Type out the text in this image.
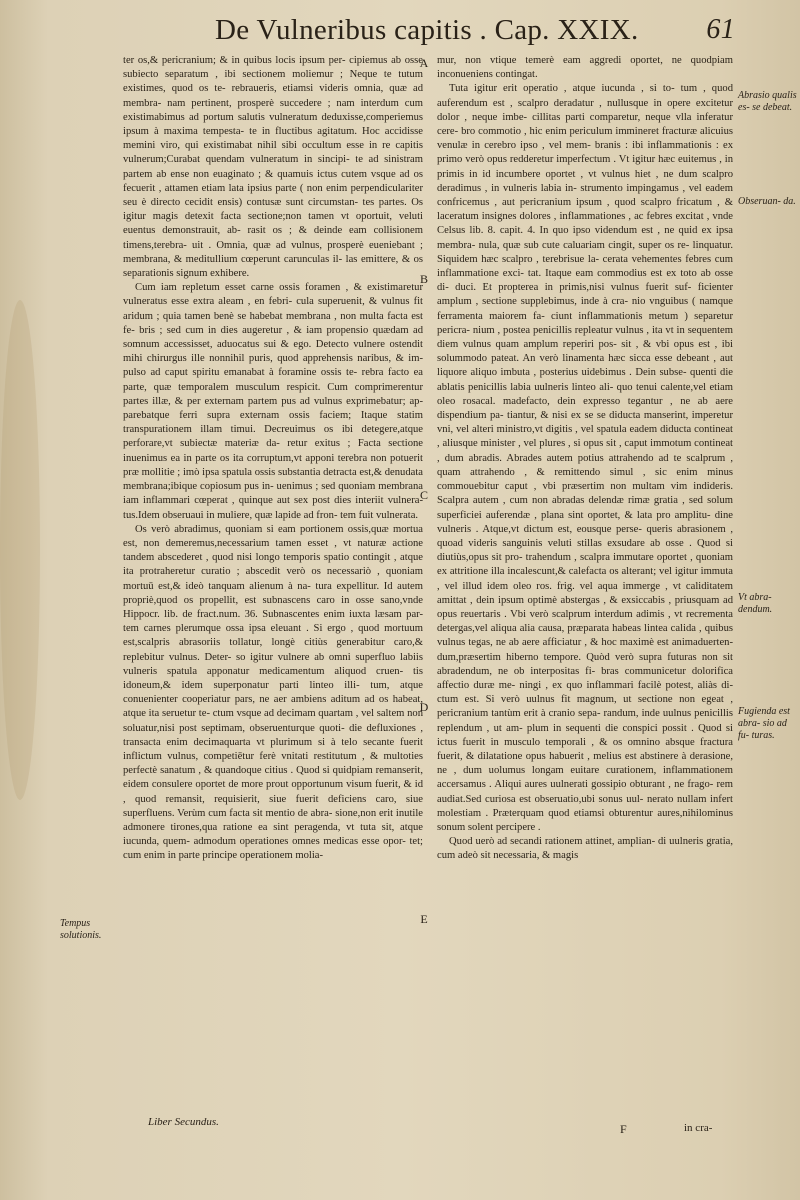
De Vulneribus capitis . Cap. XXIX. 61

ter os,& pericranium; & in quibus locis ipsum per- cipiemus ab osse subiecto separatum , ibi sectionem moliemur ; Neque te tutum existimes, quod os te- rebraueris, etiamsi videris omnia, quæ ad membra- nam pertinent, prosperè succedere ; nam interdum cum existimabimus ad portum salutis vulneratum deduxisse,comperiemus ipsum à maxima tempesta- te in fluctibus agitatum. Hoc accidisse memini viro, qui existimabat nihil sibi occultum esse in re capitis vulnerum;Curabat quendam vulneratum in sincipi- te ad sinistram partem ab ense non euaginato ; & quamuis ictus cutem vsque ad os fecuerit , attamen etiam lata ipsius parte ( non enim perpendiculariter seu è directo cecidit ensis) contusæ sunt circumstan- tes partes. Os igitur magis detexit facta sectione;non tamen vt oportuit, veluti euentus demonstrauit, ab- rasit os ; & deinde eam collisionem timens,terebra- uit . Omnia, quæ ad vulnus, prosperè eueniebant ; membrana, & meditullium cœperunt carunculas il- las emittere, & os separationis signum exhibere.

Cum iam repletum esset carne ossis foramen , & existimaretur vulneratus esse extra aleam , en febri- cula superuenit, & vulnus fit aridum ; quia tamen benè se habebat membrana , non multa facta est fe- bris ; sed cum in dies augeretur , & iam propensio quædam ad somnum accessisset, aduocatus sui & ego. Detecto vulnere ostendit mihi chirurgus ille nonnihil puris, quod apprehensis naribus, & im- pulso ad caput spiritu emanabat à foramine ossis te- rebra facto ea parte, quæ temporalem musculum respicit. Cum comprimerentur partes illæ, & per externam partem pus ad vulnus exprimebatur; ap- parebatque ferri supra externam ossis faciem; Itaque statim transpurationem illam timui. Decreuimus os ibi detegere,atque perforare,vt subiectæ materiæ da- retur exitus ; Facta sectione inuenimus ea in parte os ita corruptum,vt apponi terebra non potuerit præ mollitie ; imò ipsa spatula ossis substantia detracta est,& denudata membrana;ibique copiosum pus in- uenimus ; sed quoniam membrana iam inflammari cœperat , quinque aut sex post dies interiit vulnera- tus.Idem obseruaui in muliere, quæ lapide ad fron- tem fuit vulnerata.

Os verò abradimus, quoniam si eam portionem ossis,quæ mortua est, non demeremus,necessarium tamen esset , vt naturæ actione tandem abscederet , quod nisi longo temporis spatio contingit , atque ita protraheretur curatio ; abscedit verò os necessariò , quoniam mortuū est,& ideò tanquam alienum à na- tura expellitur. Id autem propriè,quod os propellit, est subnascens caro in osse sano,vnde Hippocr. lib. de fract.num. 36. Subnascentes enim iuxta læsam par- tem carnes plerumque ossa ipsa eleuant . Si ergo , quod mortuum est,scalpris abrasoriis tollatur, longè citiùs generabitur caro,& replebitur vulnus. Deter- so igitur vulnere ab omni superfluo labiis vulneris spatula apponatur medicamentum aliquod cruen- tis idoneum,& idem superponatur parti linteo illi- tum, atque conuenienter cooperiatur pars, ne aer ambiens aditum ad os habeat, atque ita seruetur te- ctum vsque ad decimam quartam , vel saltem non soluatur,nisi post septimam, obseruenturque quoti- die defluxiones , transacta enim decimaquarta vt plurimum si à telo secante fuerit inflictum vulnus, competiētur ferè vnitati restitutum , & multoties perfectè sanatum , & quandoque citius . Quod si quidpiam remanserit, eidem consulere oportet de more prout opportunum visum fuerit, & id , quod remansit, requisierit, siue fuerit deficiens caro, siue superfluens. Verùm cum facta sit mentio de abra- sione,non erit inutile admonere tirones,qua ratione ea sint peragenda, vt tuta sit, atque iucunda, quem- admodum operationes omnes medicas esse opor- tet; cum enim in parte principe operationem molia-

A
B
C
D
E

mur, non vtique temerè eam aggredi oportet, ne quodpiam inconueniens contingat.

Tuta igitur erit operatio , atque iucunda , si to- tum , quod auferendum est , scalpro deradatur , nullusque in opere excitetur dolor , neque imbe- cillitas parti comparetur, neque vlla inferatur cere- bro commotio , hic enim periculum immineret fracturæ alicuius venulæ in cerebro ipso , vel mem- branis : ibi inflammationis : ex primo verò opus redderetur imperfectum . Vt igitur hæc euitemus , in primis in id incumbere oportet , vt vulnus hiet , ne dum scalpro deradimus , in vulneris labia in- strumento impingamus , vel eadem confricemus , aut pericranium ipsum , quod scalpro fricatum , & laceratum insignes dolores , inflammationes , ac febres excitat , vnde Celsus lib. 8. capit. 4. In quo ipso videndum est , ne quid ex ipsa membra- nula, quæ sub cute caluariam cingit, super os re- linquatur. Siquidem hæc scalpro , terebrisue la- cerata vehementes febres cum inflammatione exci- tat. Itaque eam commodius est ex toto ab osse di- duci. Et propterea in primis,nisi vulnus fuerit suf- ficienter amplum , sectione supplebimus, inde à cra- nio vnguibus ( namque ferramenta maiorem fa- ciunt inflammationis metum ) separetur pericra- nium , postea penicillis repleatur vulnus , ita vt in sequentem diem vulnus quam amplum reperiri pos- sit , & vbi opus est , ibi solummodo pateat. An verò linamenta hæc sicca esse debeant , aut liquore aliquo imbuta , posterius uidebimus . Dein subse- quenti die ablatis penicillis labia uulneris linteo ali- quo tenui calente,vel etiam oleo rosacal. madefacto, dein expresso tegantur , ne ab aere dispendium pa- tiantur, & nisi ex se se diducta manserint, imperetur vni, vel alteri ministro,vt digitis , vel spatula eadem diducta contineat , aliusque minister , vel plures , si opus sit , caput immotum contineat , dum abradis. Abrades autem potius attrahendo ad te scalprum , quam attrahendo , & remittendo simul , sic enim minus commouebitur caput , vbi præsertim non multam vim indideris. Scalpra autem , cum non abradas delendæ rimæ gratia , sed solum superficiei auferendæ , plana sint oportet, & lata pro amplitu- dine vulneris . Atque,vt dictum est, eousque perse- queris abrasionem , quoad videris sanguinis veluti stillas exsudare ab osse . Quod si diutiùs,opus sit pro- trahendum , scalpra immutare oportet , quoniam ex attritione illa incalescunt,& calefacta os alterant; vel igitur immuta , vel illud idem oleo ros. frig. vel aqua immerge , vt caliditatem amittat , dein ipsum optimè abstergas , & exsiccabis , priusquam ad opus reuertaris . Vbi verò scalprum interdum adimis , vt recrementa detergas,vel aliqua alia causa, præparata habeas lintea calida , quibus vulnus tegas, ne ab aere afficiatur , & hoc maximè est animaduerten- dum,præsertim hiberno tempore. Quòd verò supra futuras non sit abradendum, ne ob interpositas fi- bras communicetur dolorifica affectio duræ me- ningi , ex quo inflammari facilè potest, aliàs di- ctum est. Si verò uulnus fit magnum, ut sectione non egeat , pericranium tantùm erit à cranio sepa- randum, inde uulnus penicillis replendum , ut am- plum in sequenti die conspici possit . Quod si ictus fuerit in musculo temporali , & os omnino absque fractura fuerit, & dilatatione opus habuerit , melius est abstinere à derasione, ne , dum uolumus longam euitare curationem, inflammationem accersamus . Aliqui aures uulnerati gossipio obturant , ne frago- rem audiat.Sed curiosa est obseruatio,ubi sonus uul- nerato nullam infert molestiam . Præterquam quod etiamsi obturentur aures,nihilominus sonum solent percipere .

Quod uerò ad secandi rationem attinet, amplian- di uulneris gratia, cum adeò sit necessaria, & magis

Tempus solutionis.
Abrasio qualis es- se debeat.
Obseruan- da.
Vt abra- dendum.
Fugienda est abra- sio ad fu- turas.
Liber Secundus.	F	in cra-
